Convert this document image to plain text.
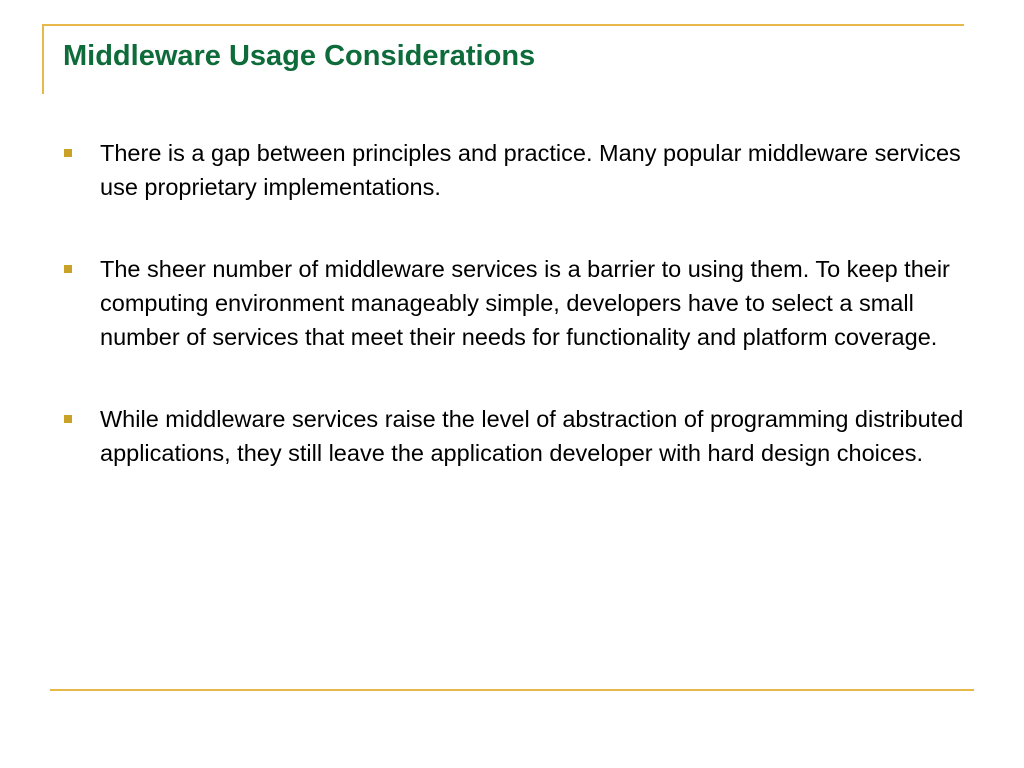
Middleware Usage Considerations
There is a gap between principles and practice. Many popular middleware services use proprietary implementations.
The sheer number of middleware services is a barrier to using them. To keep their computing environment manageably simple, developers have to select a small number of services that meet their needs for functionality and platform coverage.
While middleware services raise the level of abstraction of programming distributed applications, they still leave the application developer with hard design choices.
